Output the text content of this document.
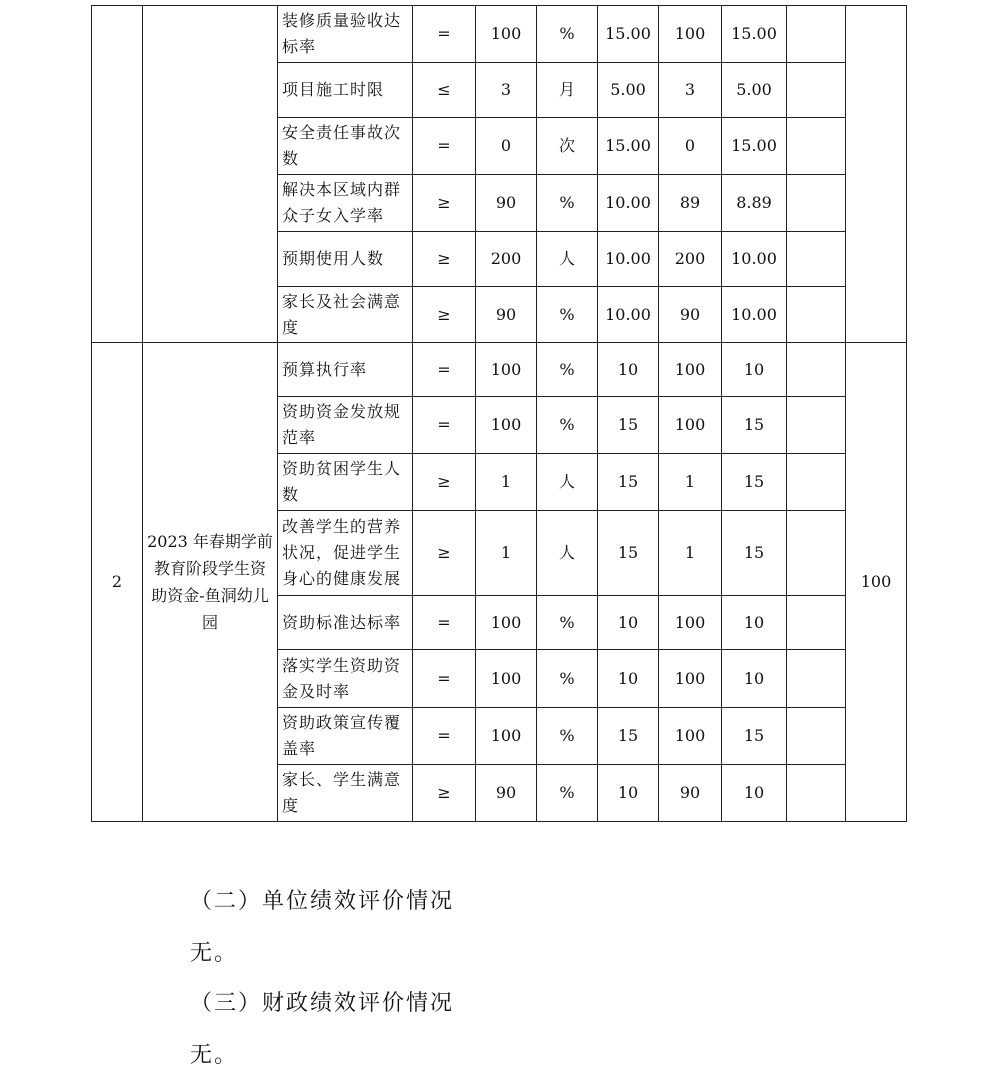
		装修质量验收达标率	=	100	%	15.00	100	15.00		
		项目施工时限	≤	3	月	5.00	3	5.00		
		安全责任事故次数	=	0	次	15.00	0	15.00		
		解决本区域内群众子女入学率	≥	90	%	10.00	89	8.89		
		预期使用人数	≥	200	人	10.00	200	10.00		
		家长及社会满意度	≥	90	%	10.00	90	10.00		
2	2023 年春期学前教育阶段学生资助资金-鱼洞幼儿园	预算执行率	=	100	%	10	100	10		100
		资助资金发放规范率	=	100	%	15	100	15		
		资助贫困学生人数	≥	1	人	15	1	15		
		改善学生的营养状况，促进学生身心的健康发展	≥	1	人	15	1	15		
		资助标准达标率	=	100	%	10	100	10		
		落实学生资助资金及时率	=	100	%	10	100	10		
		资助政策宣传覆盖率	=	100	%	15	100	15		
		家长、学生满意度	≥	90	%	10	90	10		
（二）单位绩效评价情况
无。
（三）财政绩效评价情况
无。
